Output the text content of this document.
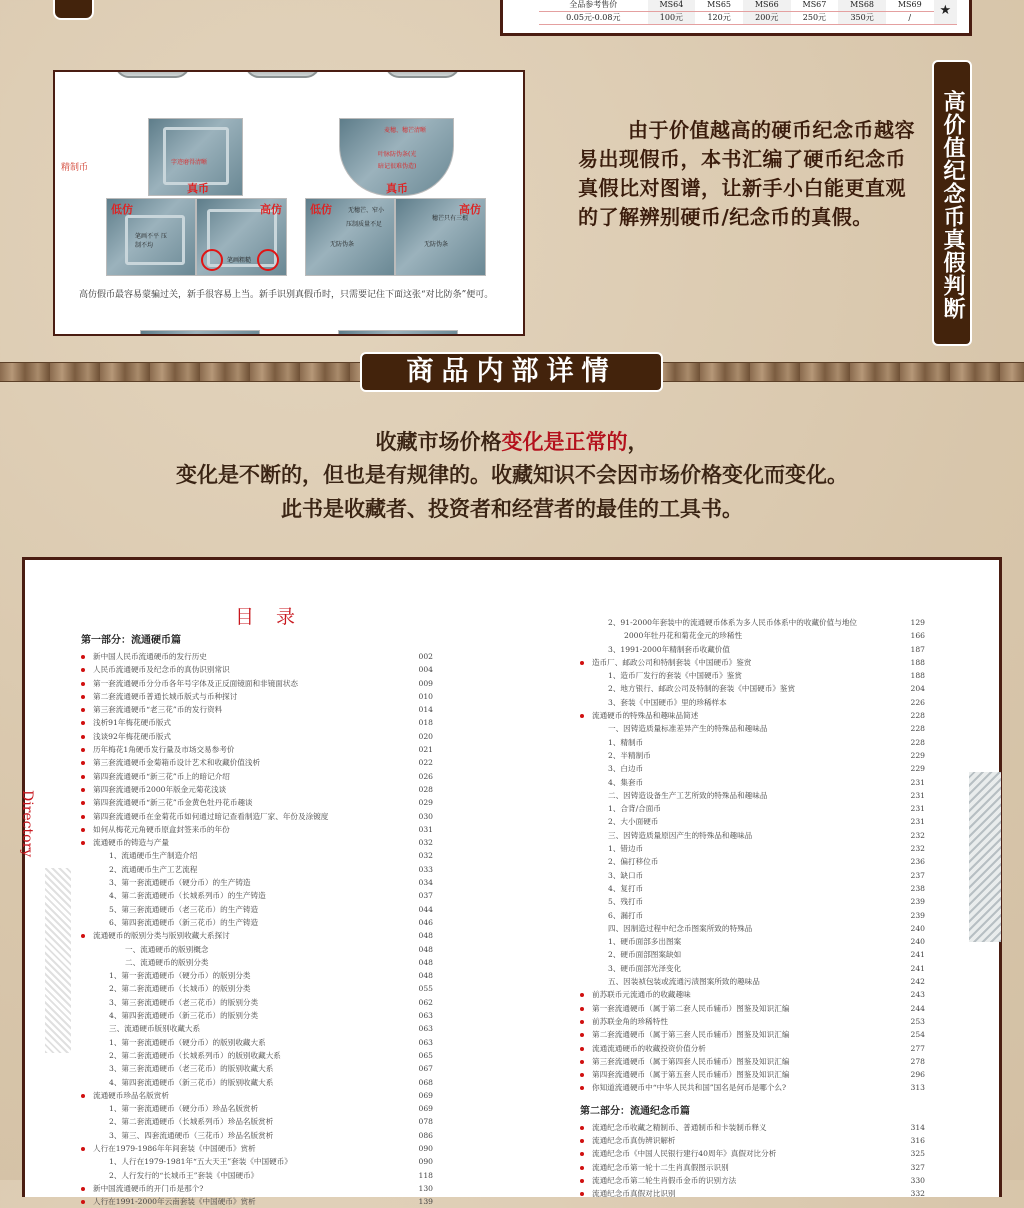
全品参考售价	MS64	MS65	MS66	MS67	MS68	MS69	★
0.05元-0.08元	100元	120元	200元	250元	350元	/	
精制币
字迹磨得清晰
真币
低仿
笔画不平 压制不均
高仿
笔画粗糙
麦穗、穗芒清晰
叶脉防伪条(光
暗记很难伪造)
真币
低仿	无穗芒、窄小
压制质量不足
无防伪条
高仿
穗芒只有三根
无防伪条
高仿假币最容易蒙骗过关，新手很容易上当。新手识别真假币时，只需要记住下面这张“对比防条”便可。
由于价值越高的硬币纪念币越容易出现假币，本书汇编了硬币纪念币真假比对图谱，让新手小白能更直观的了解辨别硬币/纪念币的真假。	高价值纪念币真假判断
商品内部详情
收藏市场价格变化是正常的，
变化是不断的，但也是有规律的。收藏知识不会因市场价格变化而变化。
此书是收藏者、投资者和经营者的最佳的工具书。
目 录
Directory
第一部分：流通硬币篇
新中国人民币流通硬币的发行历史	002
人民币流通硬币及纪念币的真伪识别常识	004
第一套流通硬币分分币各年号字体及正反面镜面和非镜面状态	009
第二套流通硬币普通长城币版式与币种探讨	010
第三套流通硬币“老三花”币的发行资料	014
浅析91年梅花硬币版式	018
浅谈92年梅花硬币版式	020
历年梅花1角硬币发行量及市场交易参考价	021
第三套流通硬币金菊箱币设计艺术和收藏价值浅析	022
第四套流通硬币“新三花”币上的暗记介绍	026
第四套流通硬币2000年版金元菊花浅谈	028
第四套流通硬币“新三花”币金黄色牡丹花币趣谈	029
第四套流通硬币在金菊花币如何通过暗记查看制造厂家、年份及涂镀度	030
如何从梅花元角硬币原盒封签来币的年份	031
流通硬币的铸造与产量	032
1、流通硬币生产制造介绍	032
2、流通硬币生产工艺流程	033
3、第一套流通硬币（硬分币）的生产铸造	034
4、第二套流通硬币（长城系列币）的生产铸造	037
5、第三套流通硬币（老三花币）的生产铸造	044
6、第四套流通硬币（新三花币）的生产铸造	046
流通硬币的版别分类与版别收藏大系探讨	048
一、流通硬币的版别概念	048
二、流通硬币的版别分类	048
1、第一套流通硬币（硬分币）的版别分类	048
2、第二套流通硬币（长城币）的版别分类	055
3、第三套流通硬币（老三花币）的版别分类	062
4、第四套流通硬币（新三花币）的版别分类	063
三、流通硬币版别收藏大系	063
1、第一套流通硬币（硬分币）的版别收藏大系	063
2、第二套流通硬币（长城系列币）的版别收藏大系	065
3、第三套流通硬币（老三花币）的版别收藏大系	067
4、第四套流通硬币（新三花币）的版别收藏大系	068
流通硬币珍品名版赏析	069
1、第一套流通硬币（硬分币）珍品名版赏析	069
2、第二套流通硬币（长城系列币）珍品名版赏析	078
3、第三、四套流通硬币（三花币）珍品名版赏析	086
人行在1979-1986年年间套装《中国硬币》赏析	090
1、人行在1979-1981年“五大天王”套装《中国硬币》	090
2、人行发行的“长城币王”套装《中国硬币》	118
新中国流通硬币的开门币是那个?	130
人行在1991-2000年云南套装《中国硬币》赏析	139
2、91-2000年套装中的流通硬币体系为多人民币体系中的收藏价值与地位	129
2000年牡丹花和菊花金元的珍稀性	166
3、1991-2000年精制套币收藏价值	187
造币厂、邮政公司和特制套装《中国硬币》鉴赏	188
1、造币厂发行的套装《中国硬币》鉴赏	188
2、地方银行、邮政公司及特制的套装《中国硬币》鉴赏	204
3、套装《中国硬币》里的珍稀样本	226
流通硬币的特殊品和趣味品简述	228
一、因铸造质量标准差异产生的特殊品和趣味品	228
1、精制币	228
2、半精制币	229
3、白边币	229
4、集套币	231
二、因铸造设备生产工艺所致的特殊品和趣味品	231
1、合背/合面币	231
2、大小面硬币	231
三、因铸造质量原因产生的特殊品和趣味品	232
1、错边币	232
2、偏打移位币	236
3、缺口币	237
4、复打币	238
5、残打币	239
6、漏打币	239
四、因制造过程中纪念币图案所致的特殊品	240
1、硬币面部多出图案	240
2、硬币面部图案缺如	241
3、硬币面部光泽变化	241
五、因装祯包装或流通污渍图案所致的趣味品	242
前苏联币元流通币的收藏趣味	243
第一套流通硬币（属于第二套人民币辅币）图鉴及知识汇编	244
前苏联金角的珍稀特性	253
第二套流通硬币（属于第三套人民币辅币）图鉴及知识汇编	254
流通流通硬币的收藏投资价值分析	277
第三套流通硬币（属于第四套人民币辅币）图鉴及知识汇编	278
第四套流通硬币（属于第五套人民币辅币）图鉴及知识汇编	296
你知道流通硬币中“中华人民共和国”国名是何币是哪个么?	313
第二部分：流通纪念币篇
流通纪念币收藏之精制币、普通制币和卡装制币释义	314
流通纪念币真伪辨识解析	316
流通纪念币《中国人民银行建行40周年》真假对比分析	325
流通纪念币第一轮十二生肖真假图示识别	327
流通纪念币第二轮生肖假币金币的识别方法	330
流通纪念币真假对比识别	332
